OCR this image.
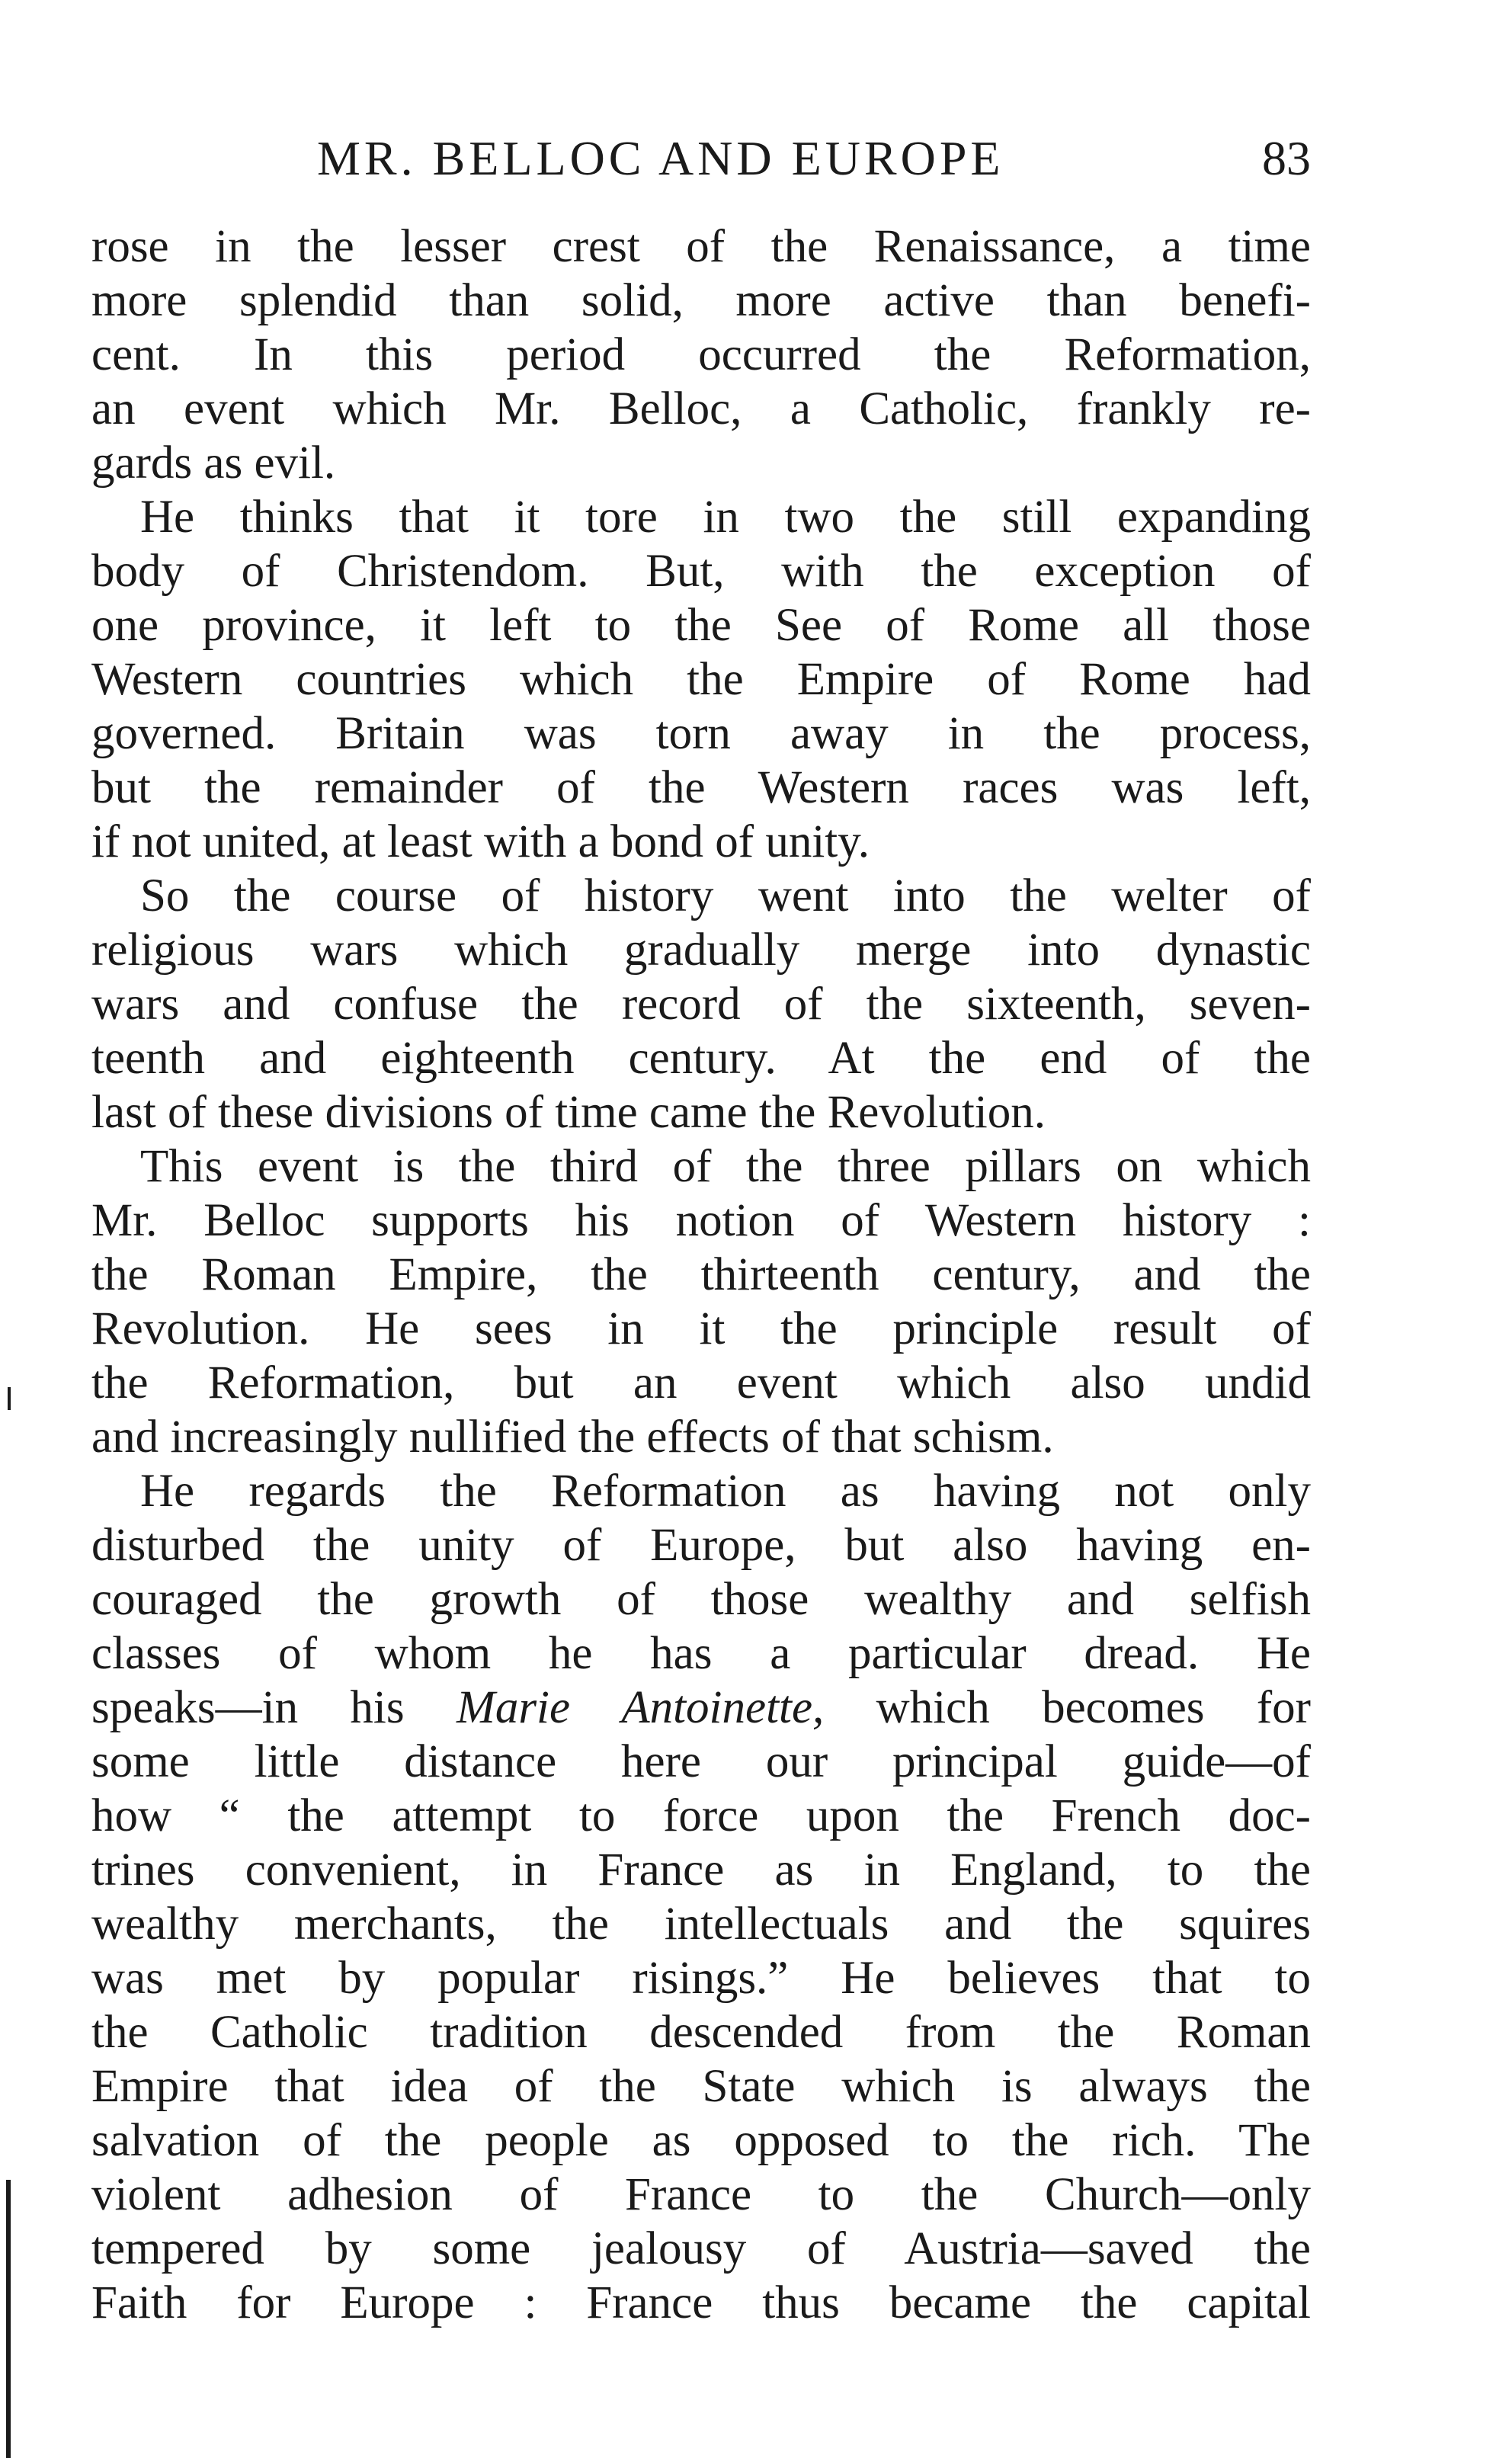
MR. BELLOC AND EUROPE	83
rose in the lesser crest of the Renaissance, a time
more splendid than solid, more active than benefi-
cent. In this period occurred the Reformation,
an event which Mr. Belloc, a Catholic, frankly re-
gards as evil.
He thinks that it tore in two the still expanding
body of Christendom. But, with the exception of
one province, it left to the See of Rome all those
Western countries which the Empire of Rome had
governed. Britain was torn away in the process,
but the remainder of the Western races was left,
if not united, at least with a bond of unity.
So the course of history went into the welter of
religious wars which gradually merge into dynastic
wars and confuse the record of the sixteenth, seven-
teenth and eighteenth century. At the end of the
last of these divisions of time came the Revolution.
This event is the third of the three pillars on which
Mr. Belloc supports his notion of Western history :
the Roman Empire, the thirteenth century, and the
Revolution. He sees in it the principle result of
the Reformation, but an event which also undid
and increasingly nullified the effects of that schism.
He regards the Reformation as having not only
disturbed the unity of Europe, but also having en-
couraged the growth of those wealthy and selfish
classes of whom he has a particular dread. He
speaks—in his Marie Antoinette, which becomes for
some little distance here our principal guide—of
how “ the attempt to force upon the French doc-
trines convenient, in France as in England, to the
wealthy merchants, the intellectuals and the squires
was met by popular risings.” He believes that to
the Catholic tradition descended from the Roman
Empire that idea of the State which is always the
salvation of the people as opposed to the rich. The
violent adhesion of France to the Church—only
tempered by some jealousy of Austria—saved the
Faith for Europe : France thus became the capital
